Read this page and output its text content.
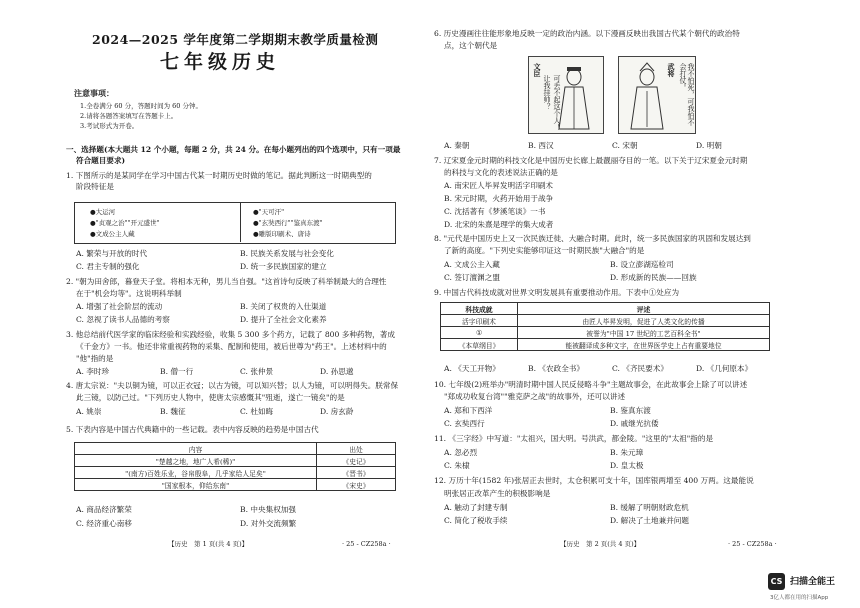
2024—2025 学年度第二学期期末教学质量检测
七年级历史
注意事项：
1.全卷满分 60 分，答题时间为 60 分钟。
2.请将各题答案填写在答题卡上。
3.考试形式为开卷。
一、选择题(本大题共 12 个小题，每题 2 分，共 24 分。在每小题列出的四个选项中，只有一项最
符合题目要求)
1. 下图所示的是某同学在学习中国古代某一时期历史时做的笔记。据此判断这一时期典型的
阶段特征是
●大运河
●"贞观之治""开元盛世"
●文成公主人藏
●"天可汗"
●"玄奘西行""鉴真东渡"
●雕版印刷术、唐诗
A. 繁荣与开放的时代	B. 民族关系发展与社会变化
C. 君主专制的强化	D. 统一多民族国家的建立
2. "朝为田舍郎，暮登天子堂。将相本无种，男儿当自强。"这首诗句反映了科举制最大的合理性
在于"机会均等"。这说明科举制
A. 增强了社会阶层的流动	B. 关闭了权贵的入仕渠道
C. 忽视了读书人品德的考察	D. 提升了全社会文化素养
3. 他总结前代医学家的临床经验和实践经验，收集 5 300 多个药方，记载了 800 多种药物，著成
《千金方》一书。他还非常重视药物的采集、配制和使用，被后世尊为"药王"。上述材料中的
"他"指的是
A. 李时珍	B. 僧一行	C. 张仲景	D. 孙思邈
4. 唐太宗说："夫以铜为镜，可以正衣冠；以古为镜，可以知兴替；以人为镜，可以明得失。朕常保
此三镜，以防己过。"下列历史人物中，使唐太宗感慨其"殂逝，遂亡一镜矣"的是
A. 姚崇	B. 魏征	C. 杜如晦	D. 房玄龄
5. 下表内容是中国古代典籍中的一些记载。表中内容反映的趋势是中国古代
内容	出处
"楚越之地，地广人希(稀)"	《史记》
"(南方)百姓乐业，谷帛殷阜，几乎家给人足矣"	《晋书》
"国家根本，仰给东南"	《宋史》
A. 商品经济繁荣	B. 中央集权加强
C. 经济重心南移	D. 对外交流频繁
【历史　第 1 页(共 4 页)】	· 25 - CZ258a ·
6. 历史漫画往往能形象地反映一定的政治内涵。以下漫画反映出我国古代某个朝代的政治特
点，这个朝代是
文臣
让我挂帅？ 可丢不起这个人！
武将	我不怕死，可我怕不会打仗。
A. 秦朝	B. 西汉	C. 宋朝	D. 明朝
7. 辽宋夏金元时期的科技文化是中国历史长廊上最靓丽夺目的一笔。以下关于辽宋夏金元时期
的科技与文化的表述说法正确的是
A. 南宋匠人毕昇发明活字印刷术
B. 宋元时期，火药开始用于战争
C. 沈括著有《梦溪笔谈》一书
D. 北宋的朱熹是理学的集大成者
8. "元代是中国历史上又一次民族迁徙、大融合时期。此时，统一多民族国家的巩固和发展达到
了新的高度。"下列史实能够印证这一时期民族"大融合"的是
A. 文成公主入藏	B. 设立澎湖巡检司
C. 签订澶渊之盟	D. 形成新的民族——回族
9. 中国古代科技成就对世界文明发展具有重要推动作用。下表中①处应为
科技成就	评述
活字印刷术	由匠人毕昇发明，促进了人类文化的传播
①	被誉为"中国 17 世纪的工艺百科全书"
《本草纲目》	能被翻译成多种文字，在世界医学史上占有重要地位
A. 《天工开物》	B. 《农政全书》	C. 《齐民要术》	D. 《几何原本》
10. 七年级(2)班举办"明清时期中国人民反侵略斗争"主题故事会，在此故事会上除了可以讲述
"郑成功收复台湾""雅克萨之战"的故事外，还可以讲述
A. 郑和下西洋	B. 鉴真东渡
C. 玄奘西行	D. 戚继光抗倭
11. 《三字经》中写道："太祖兴，国大明。号洪武，都金陵。"这里的"太祖"指的是
A. 忽必烈	B. 朱元璋
C. 朱棣	D. 皇太极
12. 万历十年(1582 年)张居正去世时，太仓积累可支十年，国库银两增至 400 万两。这最能说
明张居正改革产生的积极影响是
A. 触动了封建专制	B. 缓解了明朝财政危机
C. 简化了税收手续	D. 解决了土地兼并问题
【历史　第 2 页(共 4 页)】	· 25 - CZ258a ·
CS 扫描全能王
3亿人都在用的扫描App
